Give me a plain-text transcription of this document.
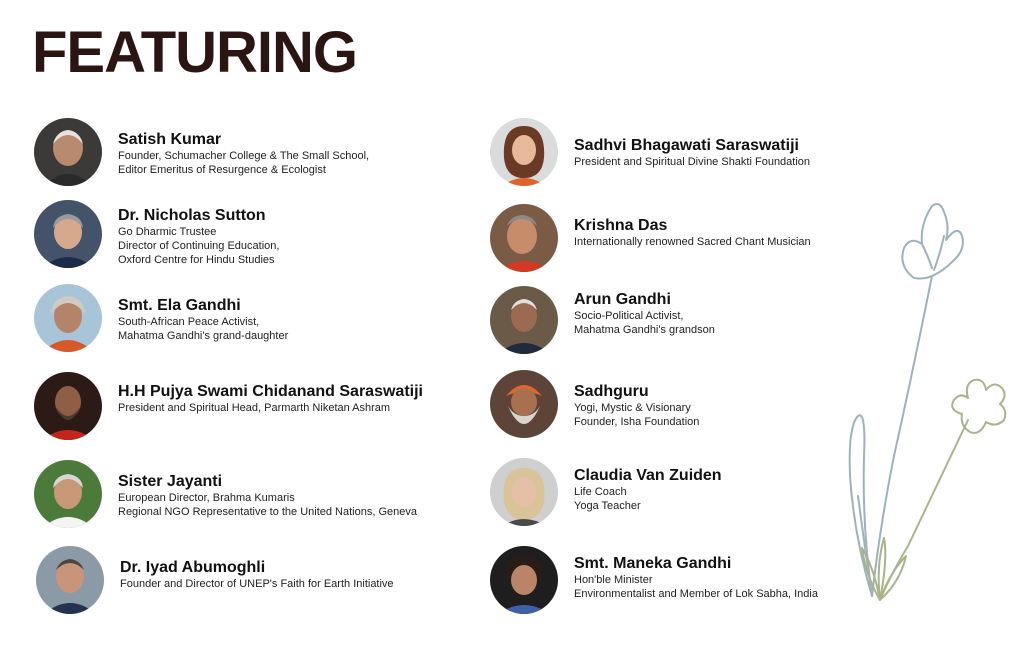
FEATURING
Satish Kumar
Founder, Schumacher College & The Small School,
Editor Emeritus of Resurgence & Ecologist
Dr. Nicholas Sutton
Go Dharmic Trustee
Director of Continuing Education,
Oxford Centre for Hindu Studies
Smt. Ela Gandhi
South-African Peace Activist,
Mahatma Gandhi's grand-daughter
H.H Pujya Swami Chidanand Saraswatiji
President and Spiritual Head, Parmarth Niketan Ashram
Sister Jayanti
European Director, Brahma Kumaris
Regional NGO Representative to the United Nations, Geneva
Dr. Iyad Abumoghli
Founder and Director of UNEP's Faith for Earth Initiative
Sadhvi Bhagawati Saraswatiji
President and Spiritual Divine Shakti Foundation
Krishna Das
Internationally renowned Sacred Chant Musician
Arun Gandhi
Socio-Political Activist,
Mahatma Gandhi's grandson
Sadhguru
Yogi, Mystic & Visionary
Founder, Isha Foundation
Claudia Van Zuiden
Life Coach
Yoga Teacher
Smt. Maneka Gandhi
Hon'ble Minister
Environmentalist and Member of Lok Sabha, India
